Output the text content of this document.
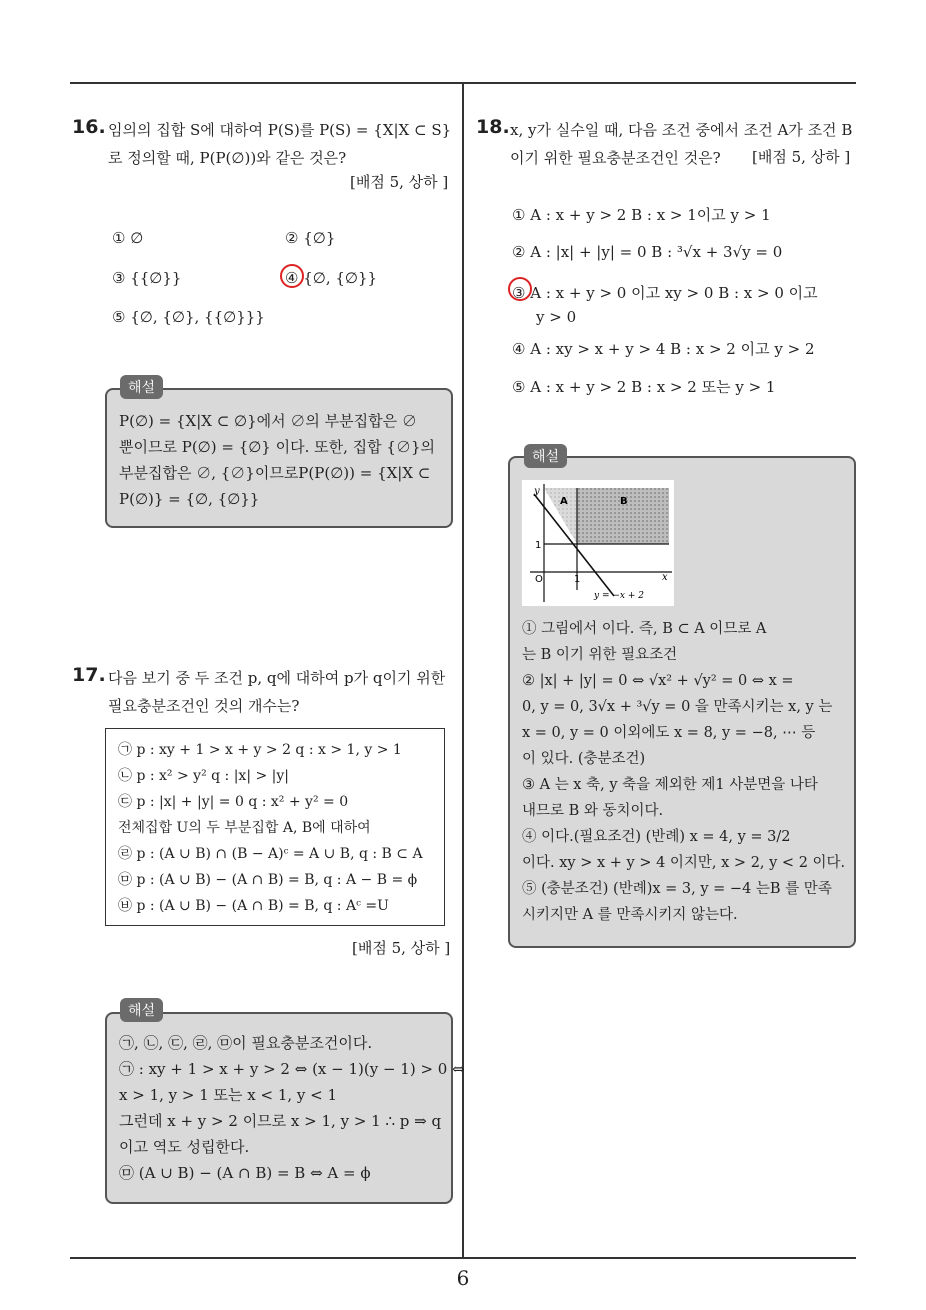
16. 임의의 집합 S에 대하여 P(S)를 P(S) = {X|X ⊂ S}
로 정의할 때, P(P(∅))와 같은 것은?
[배점 5, 상하 ]
① ∅	② {∅}
③ {{∅}}	④ {∅, {∅}}
⑤ {∅, {∅}, {{∅}}}
P(∅) = {X|X ⊂ ∅}에서 ∅의 부분집합은 ∅
뿐이므로 P(∅) = {∅} 이다. 또한, 집합 {∅}의
부분집합은 ∅, {∅}이므로P(P(∅)) = {X|X ⊂
P(∅)} = {∅, {∅}}
해설
17. 다음 보기 중 두 조건 p, q에 대하여 p가 q이기 위한
필요충분조건인 것의 개수는?
㉠ p : xy + 1 > x + y > 2 q : x > 1, y > 1
㉡ p : x² > y² q : |x| > |y|
㉢ p : |x| + |y| = 0 q : x² + y² = 0
전체집합 U의 두 부분집합 A, B에 대하여
㉣ p : (A ∪ B) ∩ (B − A)ᶜ = A ∪ B, q : B ⊂ A
㉤ p : (A ∪ B) − (A ∩ B) = B, q : A − B = ϕ
㉥ p : (A ∪ B) − (A ∩ B) = B, q : Aᶜ =U
[배점 5, 상하 ]
㉠, ㉡, ㉢, ㉣, ㉤이 필요충분조건이다.
㉠ : xy + 1 > x + y > 2 ⇔ (x − 1)(y − 1) > 0 ⇔
x > 1, y > 1 또는 x < 1, y < 1
그런데 x + y > 2 이므로 x > 1, y > 1 ∴ p ⇒ q
이고 역도 성립한다.
㉤ (A ∪ B) − (A ∩ B) = B ⇔ A = ϕ
해설
18. x, y가 실수일 때, 다음 조건 중에서 조건 A가 조건 B
이기 위한 필요충분조건인 것은?	[배점 5, 상하 ]
① A : x + y > 2 B : x > 1이고 y > 1
② A : |x| + |y| = 0 B : ³√x + 3√y = 0
③ A : x + y > 0 이고 xy > 0 B : x > 0 이고
y > 0
④ A : xy > x + y > 4 B : x > 2 이고 y > 2
⑤ A : x + y > 2 B : x > 2 또는 y > 1
① 그림에서 이다. 즉, B ⊂ A 이므로 A
는 B 이기 위한 필요조건
② |x| + |y| = 0 ⇔ √x² + √y² = 0 ⇔ x =
0, y = 0, 3√x + ³√y = 0 을 만족시키는 x, y 는
x = 0, y = 0 이외에도 x = 8, y = −8, ⋯ 등
이 있다. (충분조건)
③ A 는 x 축, y 축을 제외한 제1 사분면을 나타
내므로 B 와 동치이다.
④ 이다.(필요조건) (반례) x = 4, y = 3/2
이다. xy > x + y > 4 이지만, x > 2, y < 2 이다.
⑤ (충분조건) (반례)x = 3, y = −4 는B 를 만족
시키지만 A 를 만족시키지 않는다.
해설
y
x
A	B
1
1
O
y = −x + 2
6
